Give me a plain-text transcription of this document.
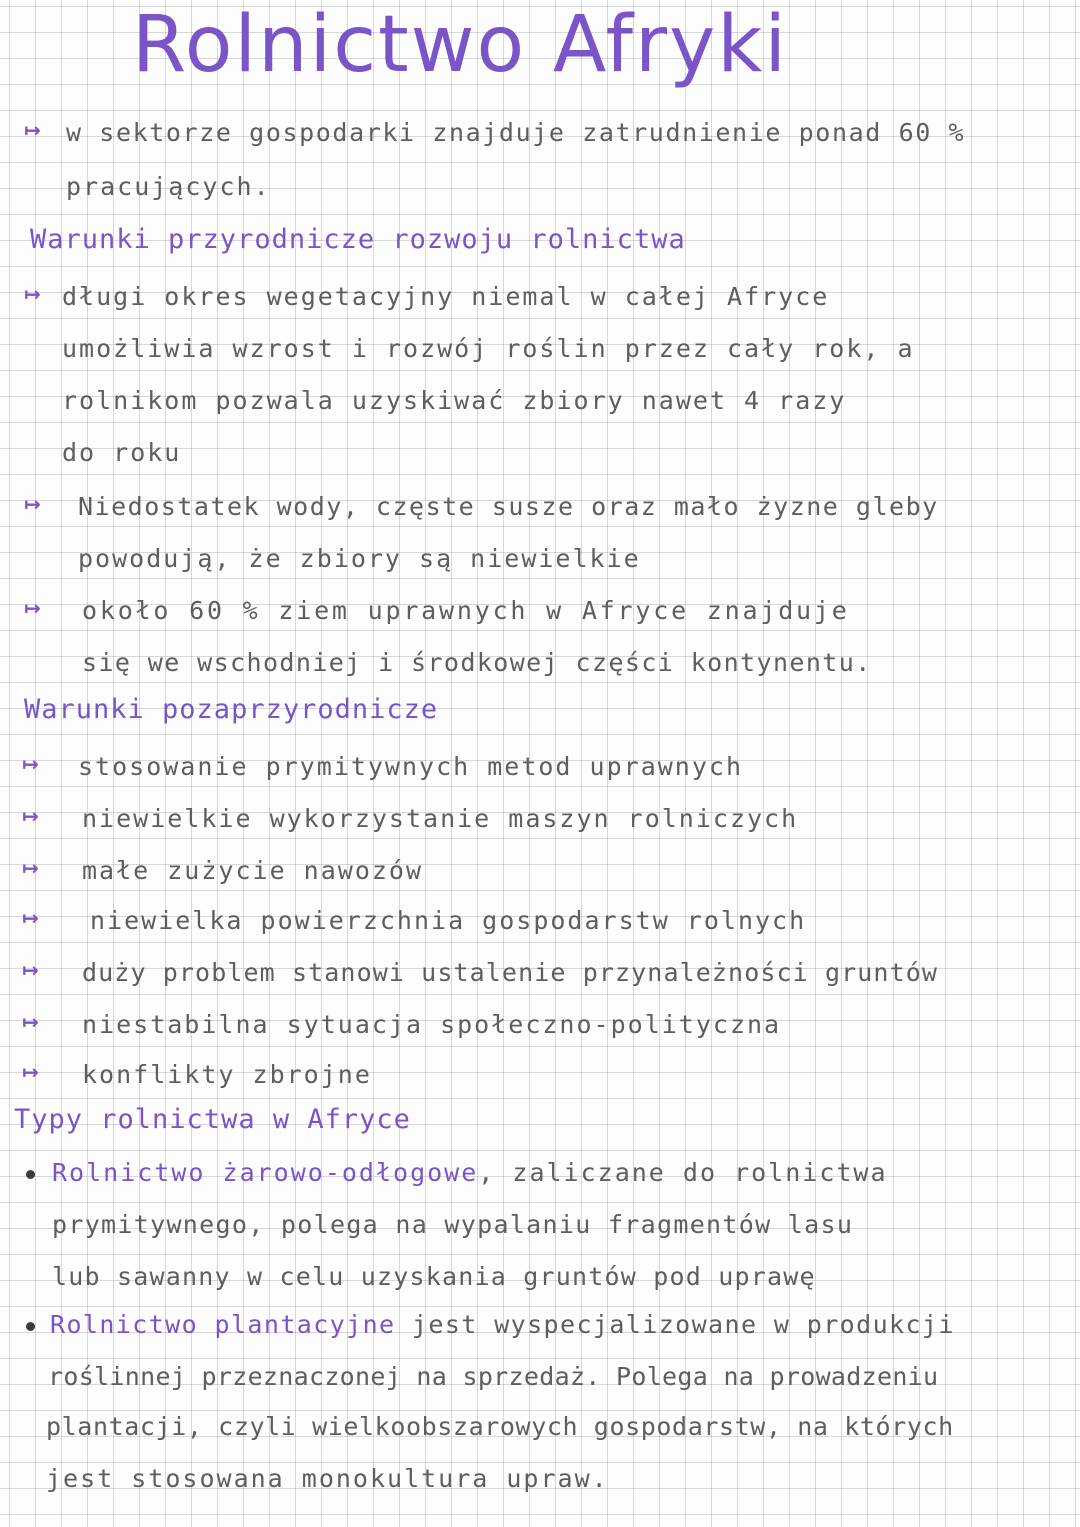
Rolnictwo Afryki
↦ w sektorze gospodarki znajduje zatrudnienie ponad 60 %
pracujących.
Warunki przyrodnicze rozwoju rolnictwa
↦ długi okres wegetacyjny niemal w całej Afryce
umożliwia wzrost i rozwój roślin przez cały rok, a
rolnikom pozwala uzyskiwać zbiory nawet 4 razy
do roku
↦ Niedostatek wody, częste susze oraz mało żyzne gleby
powodują, że zbiory są niewielkie
↦ około 60 % ziem uprawnych w Afryce znajduje
się we wschodniej i środkowej części kontynentu.
Warunki pozaprzyrodnicze
↦ stosowanie prymitywnych metod uprawnych
↦ niewielkie wykorzystanie maszyn rolniczych
↦ małe zużycie nawozów
↦ niewielka powierzchnia gospodarstw rolnych
↦ duży problem stanowi ustalenie przynależności gruntów
↦ niestabilna sytuacja społeczno-polityczna
↦ konflikty zbrojne
Typy rolnictwa w Afryce
Rolnictwo żarowo-odłogowe, zaliczane do rolnictwa
prymitywnego, polega na wypalaniu fragmentów lasu
lub sawanny w celu uzyskania gruntów pod uprawę
Rolnictwo plantacyjne jest wyspecjalizowane w produkcji
roślinnej przeznaczonej na sprzedaż. Polega na prowadzeniu
plantacji, czyli wielkoobszarowych gospodarstw, na których
jest stosowana monokultura upraw.
